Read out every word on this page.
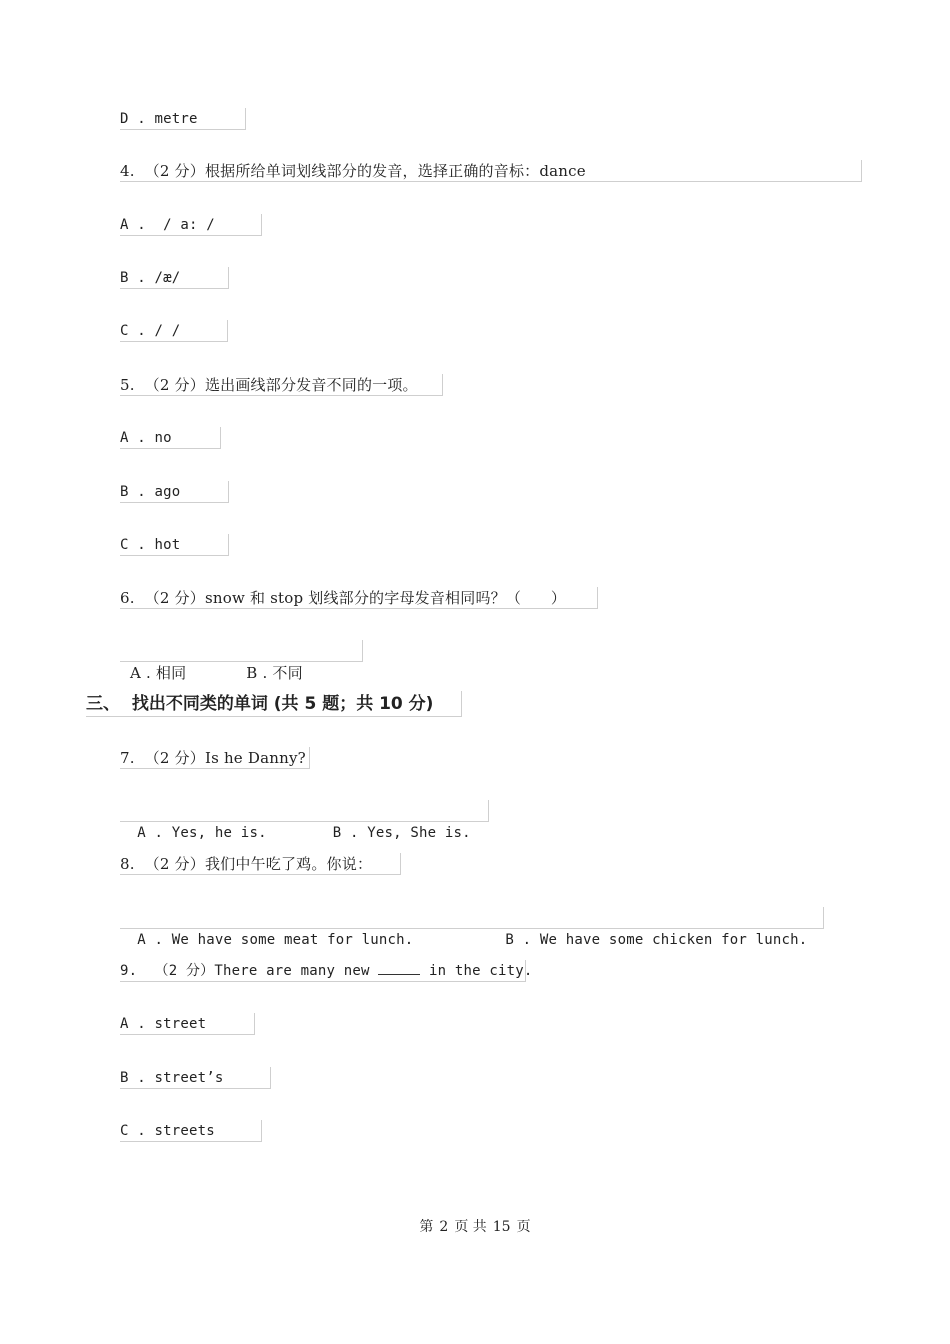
D . metre
4.  （2 分）根据所给单词划线部分的发音，选择正确的音标：dance
A .  / a: /
B . /æ/
C . / /
5.  （2 分）选出画线部分发音不同的一项。
A . no
B . ago
C . hot
6.  （2 分）snow 和 stop 划线部分的字母发音相同吗？（      ）

A . 相同	B . 不同

三、  找出不同类的单词 (共 5 题；共 10 分)
7.  （2 分）Is he Danny?

A . Yes, he is.	B . Yes, She is.

8.  （2 分）我们中午吃了鸡。你说：

A . We have some meat for lunch.	B . We have some chicken for lunch.

9.  （2 分）There are many new	in the city.
A . street
B . street’s
C . streets
第 2 页 共 15 页
